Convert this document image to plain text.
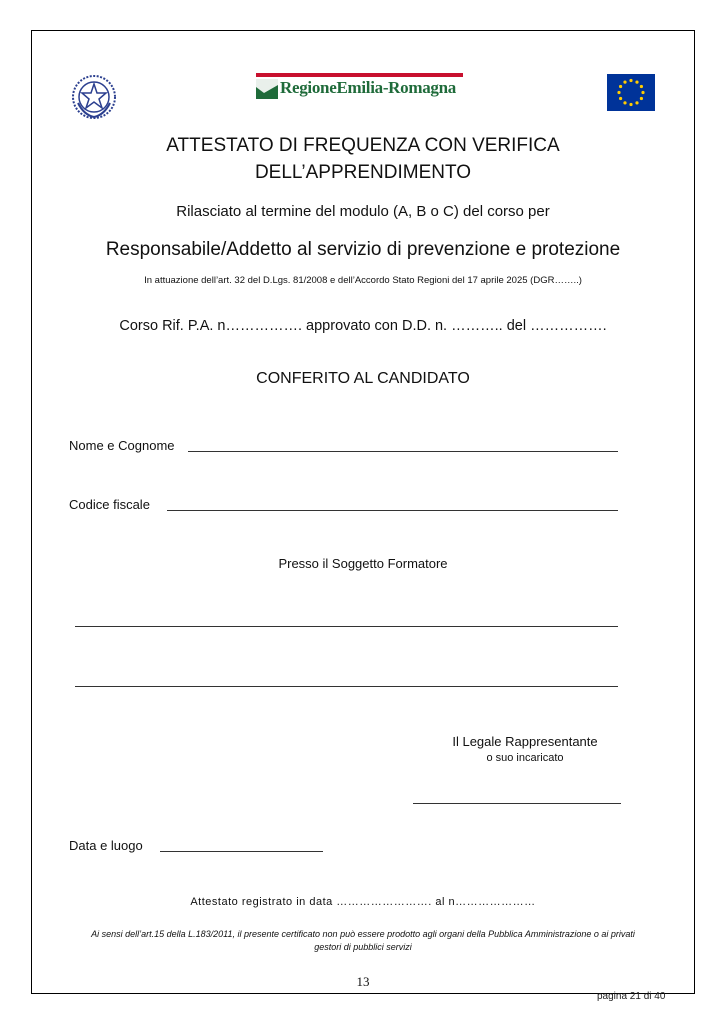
RegioneEmilia-Romagna
ATTESTATO DI FREQUENZA CON VERIFICA
DELL’APPRENDIMENTO
Rilasciato al termine del modulo (A, B o C) del corso per
Responsabile/Addetto al servizio di prevenzione e protezione
In attuazione dell’art. 32 del D.Lgs. 81/2008 e dell’Accordo Stato Regioni del 17 aprile 2025 (DGR……..)
Corso Rif. P.A. n……………. approvato con D.D. n. ……….. del …………….
CONFERITO AL CANDIDATO
Nome e Cognome
Codice fiscale
Presso il Soggetto Formatore
Il Legale Rappresentante
o suo incaricato
Data e luogo
Attestato registrato in data ……………………. al n…………………
Ai sensi dell’art.15 della L.183/2011, il presente certificato non può essere prodotto agli organi della Pubblica Amministrazione o ai privati gestori di pubblici servizi
13
pagina 21 di 40
